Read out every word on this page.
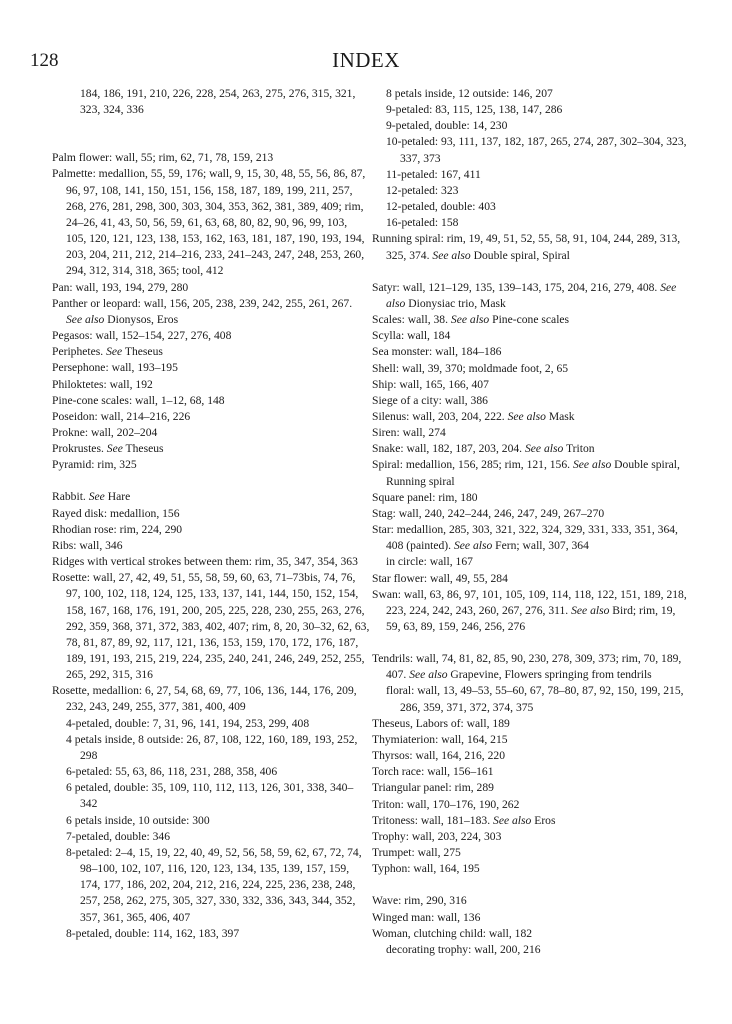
128	INDEX

184, 186, 191, 210, 226, 228, 254, 263, 275, 276, 315, 321, 323, 324, 336

Palm flower: wall, 55; rim, 62, 71, 78, 159, 213

Palmette: medallion, 55, 59, 176; wall, 9, 15, 30, 48, 55, 56, 86, 87, 96, 97, 108, 141, 150, 151, 156, 158, 187, 189, 199, 211, 257, 268, 276, 281, 298, 300, 303, 304, 353, 362, 381, 389, 409; rim, 24–26, 41, 43, 50, 56, 59, 61, 63, 68, 80, 82, 90, 96, 99, 103, 105, 120, 121, 123, 138, 153, 162, 163, 181, 187, 190, 193, 194, 203, 204, 211, 212, 214–216, 233, 241–243, 247, 248, 253, 260, 294, 312, 314, 318, 365; tool, 412

Pan: wall, 193, 194, 279, 280

Panther or leopard: wall, 156, 205, 238, 239, 242, 255, 261, 267. See also Dionysos, Eros

Pegasos: wall, 152–154, 227, 276, 408

Periphetes. See Theseus

Persephone: wall, 193–195

Philoktetes: wall, 192

Pine-cone scales: wall, 1–12, 68, 148

Poseidon: wall, 214–216, 226

Prokne: wall, 202–204

Prokrustes. See Theseus

Pyramid: rim, 325

Rabbit. See Hare

Rayed disk: medallion, 156

Rhodian rose: rim, 224, 290

Ribs: wall, 346

Ridges with vertical strokes between them: rim, 35, 347, 354, 363

Rosette: wall, 27, 42, 49, 51, 55, 58, 59, 60, 63, 71–73bis, 74, 76, 97, 100, 102, 118, 124, 125, 133, 137, 141, 144, 150, 152, 154, 158, 167, 168, 176, 191, 200, 205, 225, 228, 230, 255, 263, 276, 292, 359, 368, 371, 372, 383, 402, 407; rim, 8, 20, 30–32, 62, 63, 78, 81, 87, 89, 92, 117, 121, 136, 153, 159, 170, 172, 176, 187, 189, 191, 193, 215, 219, 224, 235, 240, 241, 246, 249, 252, 255, 265, 292, 315, 316

Rosette, medallion: 6, 27, 54, 68, 69, 77, 106, 136, 144, 176, 209, 232, 243, 249, 255, 377, 381, 400, 409

4-petaled, double: 7, 31, 96, 141, 194, 253, 299, 408

4 petals inside, 8 outside: 26, 87, 108, 122, 160, 189, 193, 252, 298

6-petaled: 55, 63, 86, 118, 231, 288, 358, 406

6 petaled, double: 35, 109, 110, 112, 113, 126, 301, 338, 340–342

6 petals inside, 10 outside: 300

7-petaled, double: 346

8-petaled: 2–4, 15, 19, 22, 40, 49, 52, 56, 58, 59, 62, 67, 72, 74, 98–100, 102, 107, 116, 120, 123, 134, 135, 139, 157, 159, 174, 177, 186, 202, 204, 212, 216, 224, 225, 236, 238, 248, 257, 258, 262, 275, 305, 327, 330, 332, 336, 343, 344, 352, 357, 361, 365, 406, 407

8-petaled, double: 114, 162, 183, 397

8 petals inside, 12 outside: 146, 207

9-petaled: 83, 115, 125, 138, 147, 286

9-petaled, double: 14, 230

10-petaled: 93, 111, 137, 182, 187, 265, 274, 287, 302–304, 323, 337, 373

11-petaled: 167, 411

12-petaled: 323

12-petaled, double: 403

16-petaled: 158

Running spiral: rim, 19, 49, 51, 52, 55, 58, 91, 104, 244, 289, 313, 325, 374. See also Double spiral, Spiral

Satyr: wall, 121–129, 135, 139–143, 175, 204, 216, 279, 408. See also Dionysiac trio, Mask

Scales: wall, 38. See also Pine-cone scales

Scylla: wall, 184

Sea monster: wall, 184–186

Shell: wall, 39, 370; moldmade foot, 2, 65

Ship: wall, 165, 166, 407

Siege of a city: wall, 386

Silenus: wall, 203, 204, 222. See also Mask

Siren: wall, 274

Snake: wall, 182, 187, 203, 204. See also Triton

Spiral: medallion, 156, 285; rim, 121, 156. See also Double spiral, Running spiral

Square panel: rim, 180

Stag: wall, 240, 242–244, 246, 247, 249, 267–270

Star: medallion, 285, 303, 321, 322, 324, 329, 331, 333, 351, 364, 408 (painted). See also Fern; wall, 307, 364

in circle: wall, 167

Star flower: wall, 49, 55, 284

Swan: wall, 63, 86, 97, 101, 105, 109, 114, 118, 122, 151, 189, 218, 223, 224, 242, 243, 260, 267, 276, 311. See also Bird; rim, 19, 59, 63, 89, 159, 246, 256, 276

Tendrils: wall, 74, 81, 82, 85, 90, 230, 278, 309, 373; rim, 70, 189, 407. See also Grapevine, Flowers springing from tendrils

floral: wall, 13, 49–53, 55–60, 67, 78–80, 87, 92, 150, 199, 215, 286, 359, 371, 372, 374, 375

Theseus, Labors of: wall, 189

Thymiaterion: wall, 164, 215

Thyrsos: wall, 164, 216, 220

Torch race: wall, 156–161

Triangular panel: rim, 289

Triton: wall, 170–176, 190, 262

Tritoness: wall, 181–183. See also Eros

Trophy: wall, 203, 224, 303

Trumpet: wall, 275

Typhon: wall, 164, 195

Wave: rim, 290, 316

Winged man: wall, 136

Woman, clutching child: wall, 182

decorating trophy: wall, 200, 216
